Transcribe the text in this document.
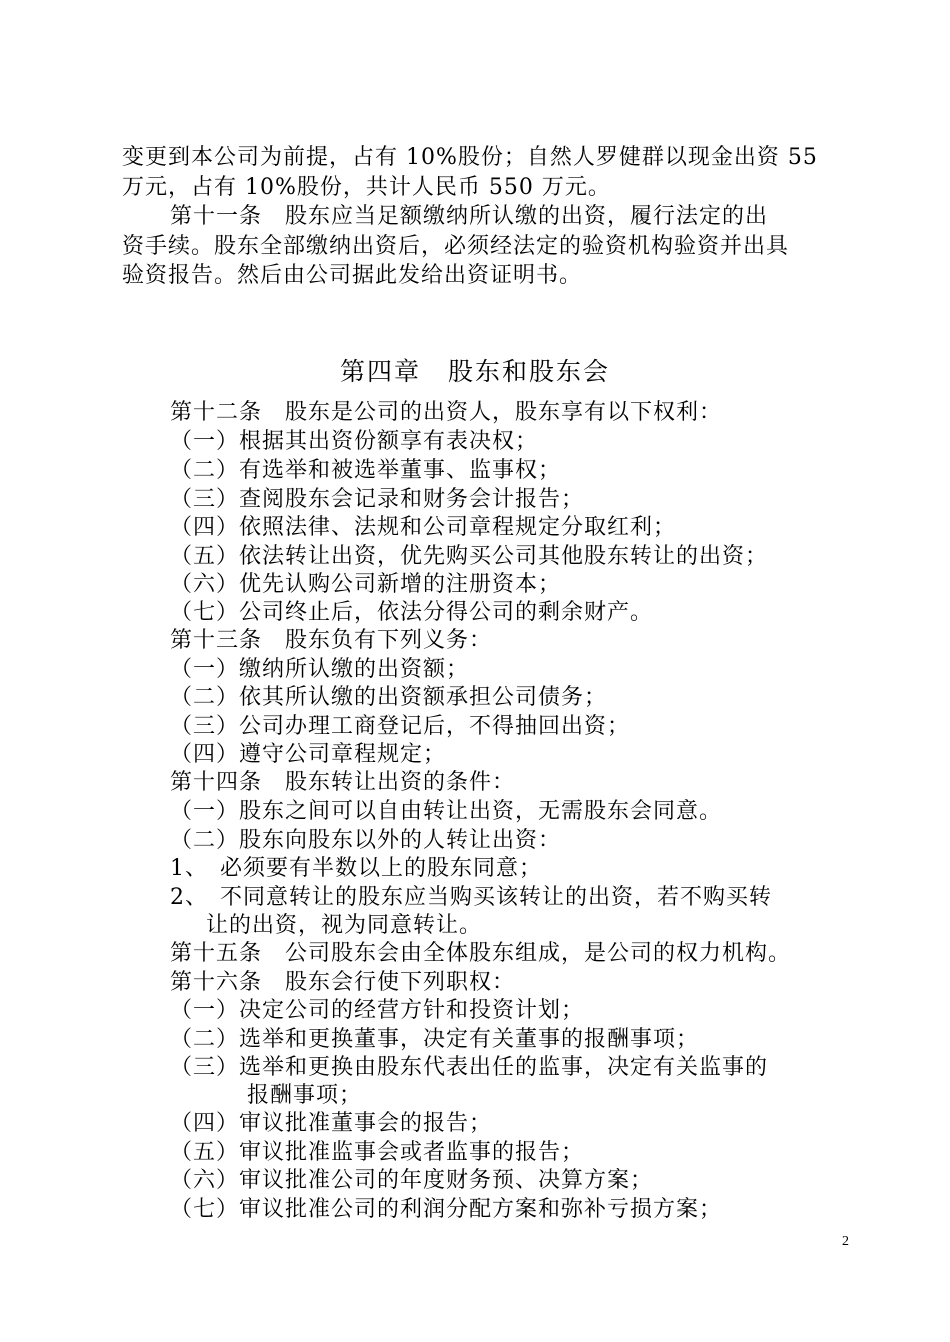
变更到本公司为前提，占有 10%股份；自然人罗健群以现金出资 55
万元，占有 10%股份，共计人民币 550 万元。
第十一条　股东应当足额缴纳所认缴的出资，履行法定的出
资手续。股东全部缴纳出资后，必须经法定的验资机构验资并出具
验资报告。然后由公司据此发给出资证明书。
第四章　股东和股东会
第十二条　股东是公司的出资人，股东享有以下权利：
（一）根据其出资份额享有表决权；
（二）有选举和被选举董事、监事权；
（三）查阅股东会记录和财务会计报告；
（四）依照法律、法规和公司章程规定分取红利；
（五）依法转让出资，优先购买公司其他股东转让的出资；
（六）优先认购公司新增的注册资本；
（七）公司终止后，依法分得公司的剩余财产。
第十三条　股东负有下列义务：
（一）缴纳所认缴的出资额；
（二）依其所认缴的出资额承担公司债务；
（三）公司办理工商登记后，不得抽回出资；
（四）遵守公司章程规定；
第十四条　股东转让出资的条件：
（一）股东之间可以自由转让出资，无需股东会同意。
（二）股东向股东以外的人转让出资：
1、　必须要有半数以上的股东同意；
2、　不同意转让的股东应当购买该转让的出资，若不购买转
让的出资，视为同意转让。
第十五条　公司股东会由全体股东组成，是公司的权力机构。
第十六条　股东会行使下列职权：
（一）决定公司的经营方针和投资计划；
（二）选举和更换董事，决定有关董事的报酬事项；
（三）选举和更换由股东代表出任的监事，决定有关监事的
报酬事项；
（四）审议批准董事会的报告；
（五）审议批准监事会或者监事的报告；
（六）审议批准公司的年度财务预、决算方案；
（七）审议批准公司的利润分配方案和弥补亏损方案；
2
